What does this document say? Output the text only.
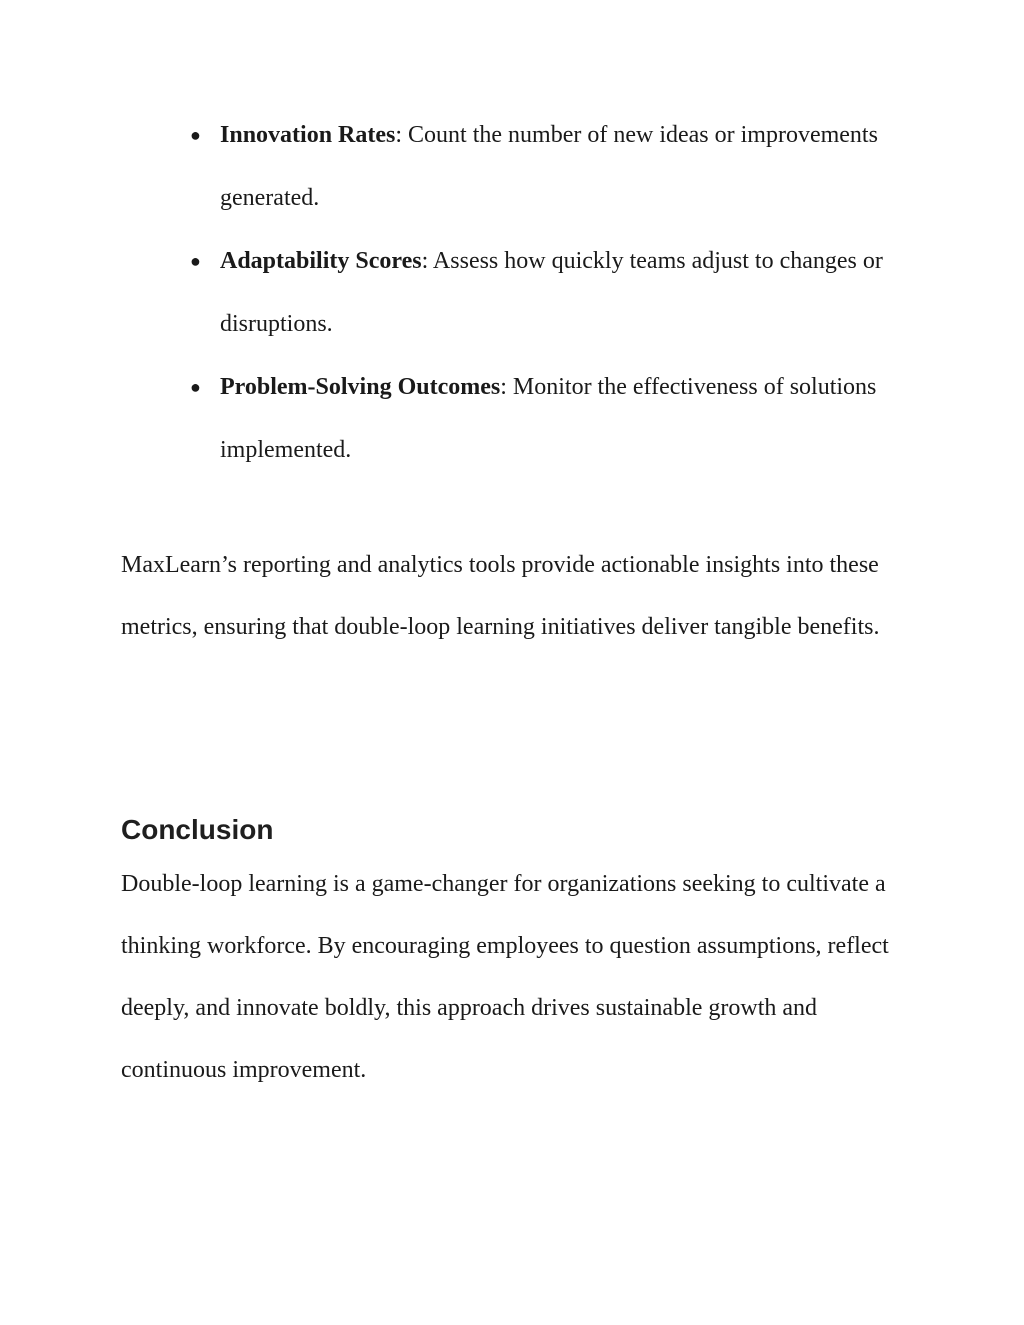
● Innovation Rates: Count the number of new ideas or improvements generated.
● Adaptability Scores: Assess how quickly teams adjust to changes or disruptions.
● Problem-Solving Outcomes: Monitor the effectiveness of solutions implemented.

MaxLearn’s reporting and analytics tools provide actionable insights into these metrics, ensuring that double-loop learning initiatives deliver tangible benefits.

Conclusion

Double-loop learning is a game-changer for organizations seeking to cultivate a thinking workforce. By encouraging employees to question assumptions, reflect deeply, and innovate boldly, this approach drives sustainable growth and continuous improvement.
